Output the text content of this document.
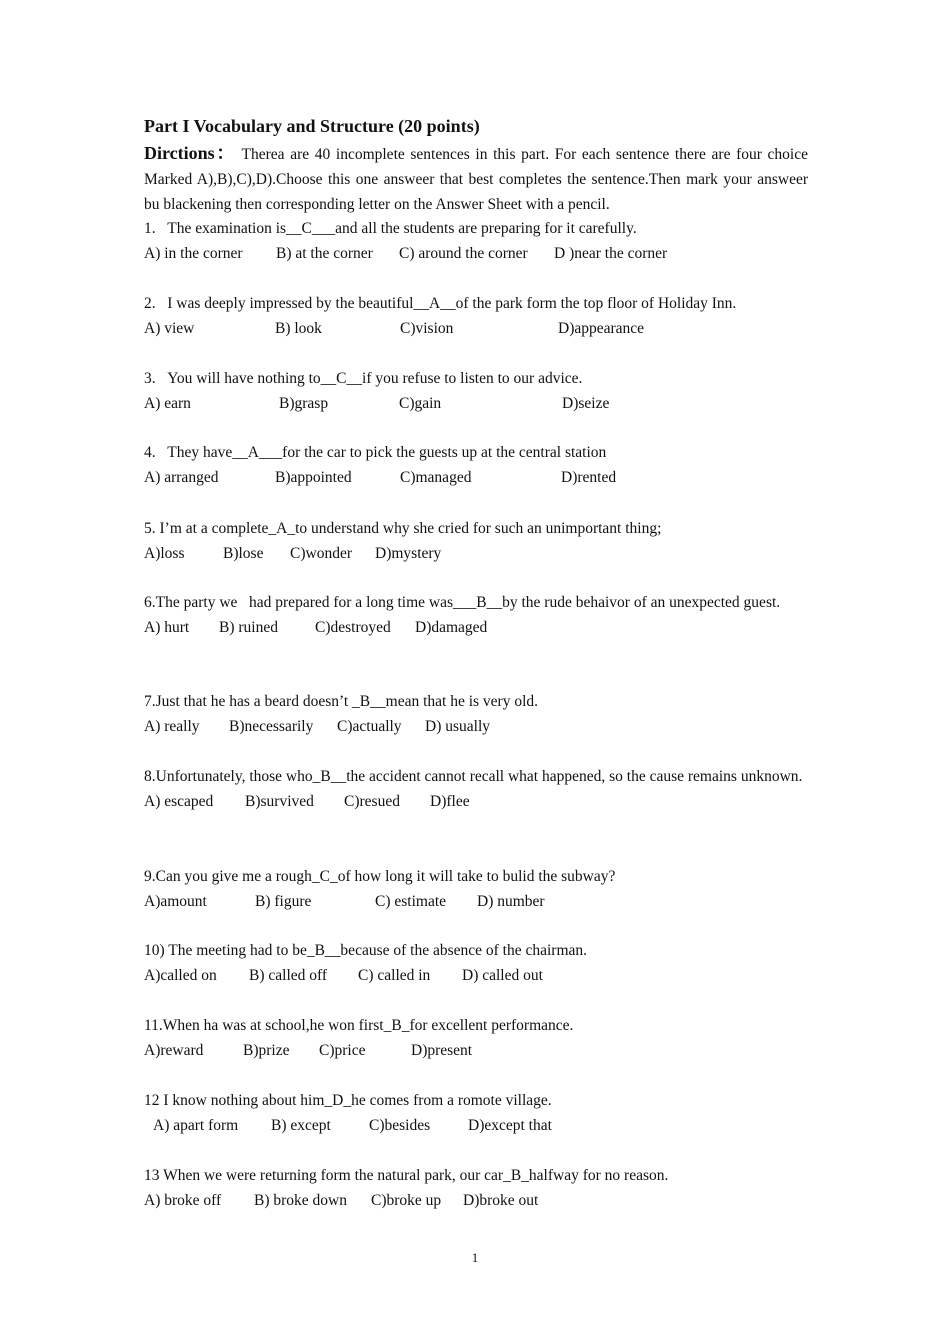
Part I Vocabulary and Structure (20 points)
Dirctions： Therea are 40 incomplete sentences in this part. For each sentence there are four choice Marked A),B),C),D).Choose this one answeer that best completes the sentence.Then mark your answeer bu blackening then corresponding letter on the Answer Sheet with a pencil.
1.   The examination is__C___and all the students are preparing for it carefully.
A) in the corner B) at the corner C) around the corner D )near the corner
2.   I was deeply impressed by the beautiful__A__of the park form the top floor of Holiday Inn.
A) view	B) look	C)vision	D)appearance
3.   You will have nothing to__C__if you refuse to listen to our advice.
A) earn	B)grasp	C)gain	D)seize
4.   They have__A___for the car to pick the guests up at the central station
A) arranged	B)appointed	C)managed	D)rented
5. I’m at a complete_A_to understand why she cried for such an unimportant thing;
A)loss B)lose C)wonder D)mystery
6.The party we   had prepared for a long time was___B__by the rude behaivor of an unexpected guest.
A) hurt B) ruined C)destroyed D)damaged
7.Just that he has a beard doesn’t _B__mean that he is very old.
A) really B)necessarily C)actually D) usually
8.Unfortunately, those who_B__the accident cannot recall what happened, so the cause remains unknown.
A) escaped B)survived C)resued D)flee
9.Can you give me a rough_C_of how long it will take to bulid the subway?
A)amount	B) figure	C) estimate D) number
10) The meeting had to be_B__because of the absence of the chairman.
A)called on B) called off C) called in D) called out
11.When ha was at school,he won first_B_for excellent performance.
A)reward	B)prize C)price	D)present
12 I know nothing about him_D_he comes from a romote village.
A) apart form B) except C)besides D)except that
13 When we were returning form the natural park, our car_B_halfway for no reason.
A) broke off B) broke down C)broke up D)broke out
1
